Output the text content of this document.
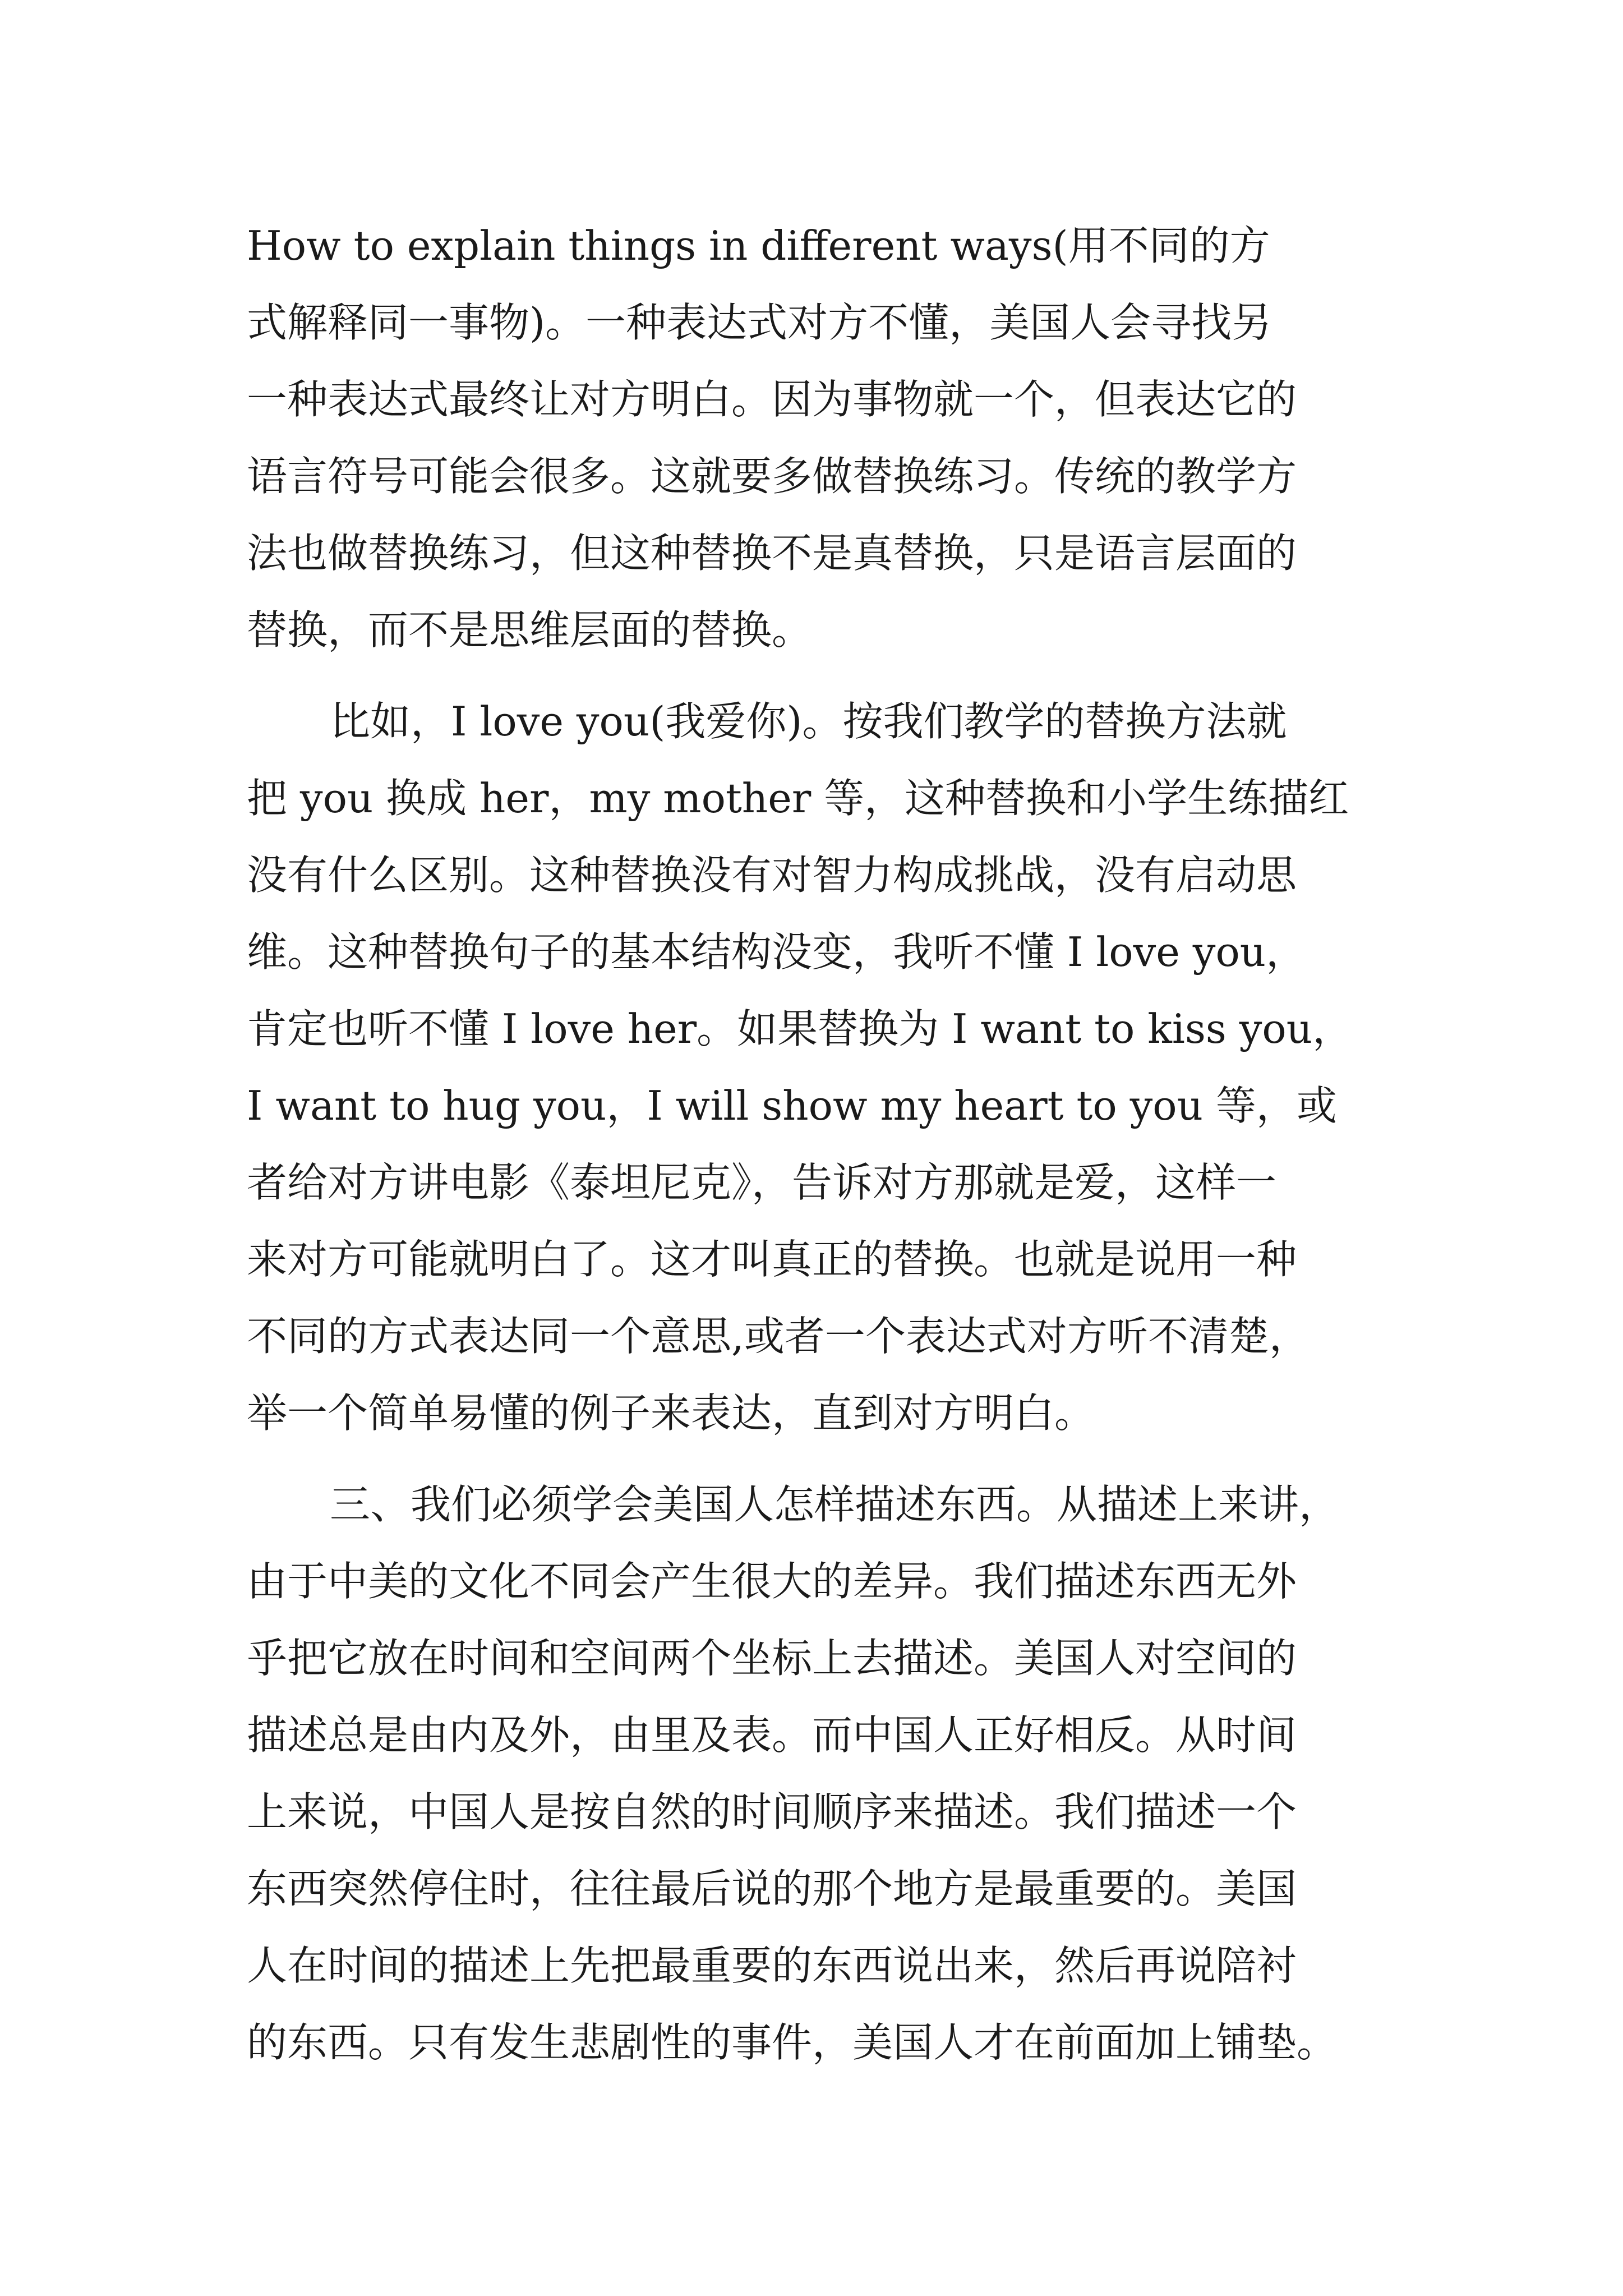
How to explain things in different ways(用不同的方
式解释同一事物)。一种表达式对方不懂，美国人会寻找另
一种表达式最终让对方明白。因为事物就一个，但表达它的
语言符号可能会很多。这就要多做替换练习。传统的教学方
法也做替换练习，但这种替换不是真替换，只是语言层面的
替换，而不是思维层面的替换。
比如，I love you(我爱你)。按我们教学的替换方法就
把 you 换成 her，my mother 等，这种替换和小学生练描红
没有什么区别。这种替换没有对智力构成挑战，没有启动思
维。这种替换句子的基本结构没变，我听不懂 I love you，
肯定也听不懂 I love her。如果替换为 I want to kiss you，
I want to hug you，I will show my heart to you 等，或
者给对方讲电影《泰坦尼克》，告诉对方那就是爱，这样一
来对方可能就明白了。这才叫真正的替换。也就是说用一种
不同的方式表达同一个意思,或者一个表达式对方听不清楚，
举一个简单易懂的例子来表达，直到对方明白。
三、我们必须学会美国人怎样描述东西。从描述上来讲，
由于中美的文化不同会产生很大的差异。我们描述东西无外
乎把它放在时间和空间两个坐标上去描述。美国人对空间的
描述总是由内及外，由里及表。而中国人正好相反。从时间
上来说，中国人是按自然的时间顺序来描述。我们描述一个
东西突然停住时，往往最后说的那个地方是最重要的。美国
人在时间的描述上先把最重要的东西说出来，然后再说陪衬
的东西。只有发生悲剧性的事件，美国人才在前面加上铺垫。
